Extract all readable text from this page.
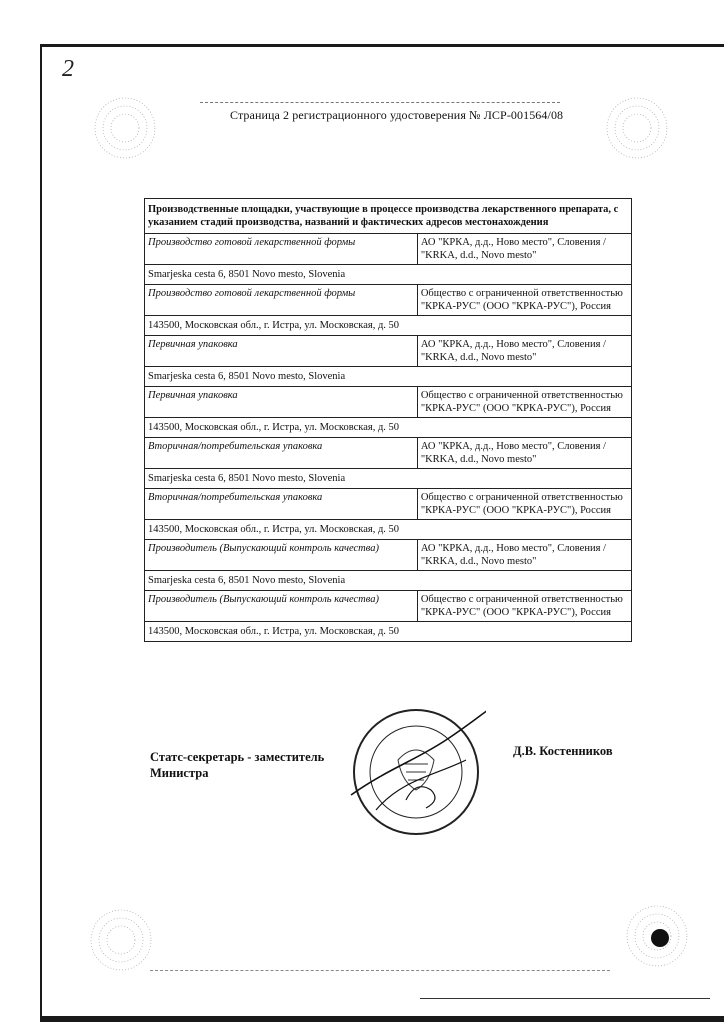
2
Страница 2 регистрационного удостоверения № ЛСР-001564/08
Производственные площадки, участвующие в процессе производства лекарственного препарата, с указанием стадий производства, названий и фактических адресов местонахождения	
Производство готовой лекарственной формы	АО "КРКА, д.д., Ново место", Словения / "KRKA, d.d., Novo mesto"
Smarjeska cesta 6, 8501 Novo mesto, Slovenia	
Производство готовой лекарственной формы	Общество с ограниченной ответственностью "КРКА-РУС" (ООО "КРКА-РУС"), Россия
143500, Московская обл., г. Истра, ул. Московская, д. 50	
Первичная упаковка	АО "КРКА, д.д., Ново место", Словения / "KRKA, d.d., Novo mesto"
Smarjeska cesta 6, 8501 Novo mesto, Slovenia	
Первичная упаковка	Общество с ограниченной ответственностью "КРКА-РУС" (ООО "КРКА-РУС"), Россия
143500, Московская обл., г. Истра, ул. Московская, д. 50	
Вторичная/потребительская упаковка	АО "КРКА, д.д., Ново место", Словения / "KRKA, d.d., Novo mesto"
Smarjeska cesta 6, 8501 Novo mesto, Slovenia	
Вторичная/потребительская упаковка	Общество с ограниченной ответственностью "КРКА-РУС" (ООО "КРКА-РУС"), Россия
143500, Московская обл., г. Истра, ул. Московская, д. 50	
Производитель (Выпускающий контроль качества)	АО "КРКА, д.д., Ново место", Словения / "KRKA, d.d., Novo mesto"
Smarjeska cesta 6, 8501 Novo mesto, Slovenia	
Производитель (Выпускающий контроль качества)	Общество с ограниченной ответственностью "КРКА-РУС" (ООО "КРКА-РУС"), Россия
143500, Московская обл., г. Истра, ул. Московская, д. 50	
Статс-секретарь - заместитель Министра
Д.В. Костенников
